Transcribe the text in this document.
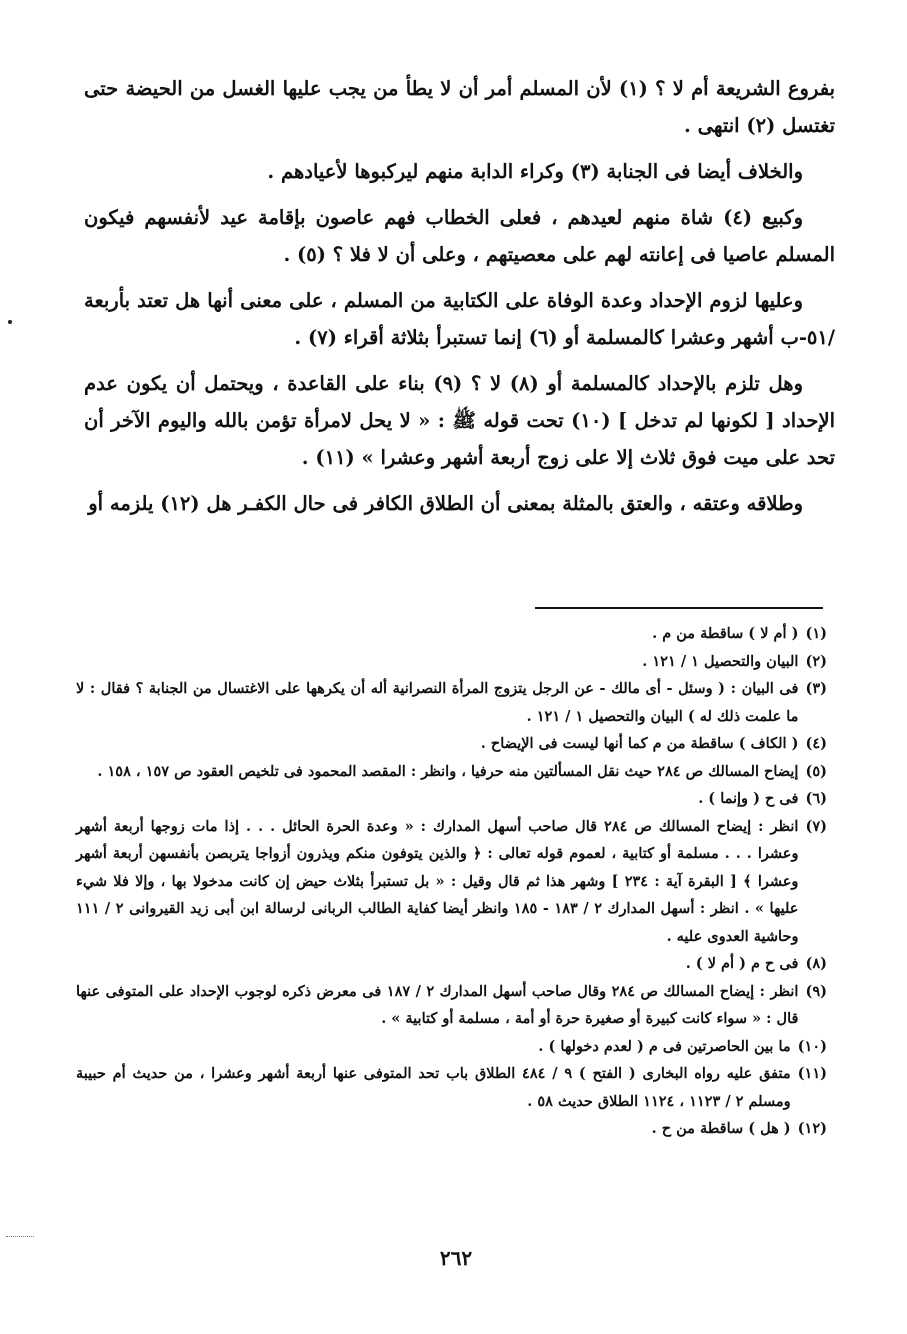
بفروع الشريعة أم لا ؟ (١) لأن المسلم أمر أن لا يطأ من يجب عليها الغسل من الحيضة حتى تغتسل (٢) انتهى .

والخلاف أيضا فى الجنابة (٣) وكراء الدابة منهم ليركبوها لأعيادهم .

وكبيع (٤) شاة منهم لعيدهم ، فعلى الخطاب فهم عاصون بإقامة عيد لأنفسهم فيكون المسلم عاصيا فى إعانته لهم على معصيتهم ، وعلى أن لا فلا ؟ (٥) .

وعليها لزوم الإحداد وعدة الوفاة على الكتابية من المسلم ، على معنى أنها هل تعتد بأربعة /٥١-ب أشهر وعشرا كالمسلمة أو (٦) إنما تستبرأ بثلاثة أقراء (٧) .

وهل تلزم بالإحداد كالمسلمة أو (٨) لا ؟ (٩) بناء على القاعدة ، ويحتمل أن يكون عدم الإحداد [ لكونها لم تدخل ] (١٠) تحت قوله ﷺ : « لا يحل لامرأة تؤمن بالله واليوم الآخر أن تحد على ميت فوق ثلاث إلا على زوج أربعة أشهر وعشرا » (١١) .

وطلاقه وعتقه ، والعتق بالمثلة بمعنى أن الطلاق الكافر فى حال الكفـر هل (١٢) يلزمه أو

(١)
( أم لا ) ساقطة من م .
(٢)
البيان والتحصيل ١ / ١٢١ .
(٣)
فى البيان : ( وسئل - أى مالك - عن الرجل يتزوج المرأة النصرانية أله أن يكرهها على الاغتسال من الجنابة ؟ فقال : لا ما علمت ذلك له ) البيان والتحصيل ١ / ١٢١ .
(٤)
( الكاف ) ساقطة من م كما أنها ليست فى الإيضاح .
(٥)
إيضاح المسالك ص ٢٨٤ حيث نقل المسألتين منه حرفيا ، وانظر : المقصد المحمود فى تلخيص العقود ص ١٥٧ ، ١٥٨ .
(٦)
فى ح ( وإنما ) .
(٧)
انظر : إيضاح المسالك ص ٢٨٤ قال صاحب أسهل المدارك : « وعدة الحرة الحائل . . . إذا مات زوجها أربعة أشهر وعشرا . . . مسلمة أو كتابية ، لعموم قوله تعالى : ﴿ والذين يتوفون منكم ويذرون أزواجا يتربصن بأنفسهن أربعة أشهر وعشرا ﴾ [ البقرة آية : ٢٣٤ ] وشهر هذا ثم قال وقيل : « بل تستبرأ بثلاث حيض إن كانت مدخولا بها ، وإلا فلا شيء عليها » . انظر : أسهل المدارك ٢ / ١٨٣ - ١٨٥ وانظر أيضا كفاية الطالب الربانى لرسالة ابن أبى زيد القيروانى ٢ / ١١١ وحاشية العدوى عليه .
(٨)
فى ح م ( أم لا ) .
(٩)
انظر : إيضاح المسالك ص ٢٨٤ وقال صاحب أسهل المدارك ٢ / ١٨٧ فى معرض ذكره لوجوب الإحداد على المتوفى عنها قال : « سواء كانت كبيرة أو صغيرة حرة أو أمة ، مسلمة أو كتابية » .
(١٠)
ما بين الحاصرتين فى م ( لعدم دخولها ) .
(١١)
متفق عليه رواه البخارى ( الفتح ) ٩ / ٤٨٤ الطلاق باب تحد المتوفى عنها أربعة أشهر وعشرا ، من حديث أم حبيبة ومسلم ٢ / ١١٢٣ ، ١١٢٤ الطلاق حديث ٥٨ .
(١٢)
( هل ) ساقطة من ح .
٢٦٢
